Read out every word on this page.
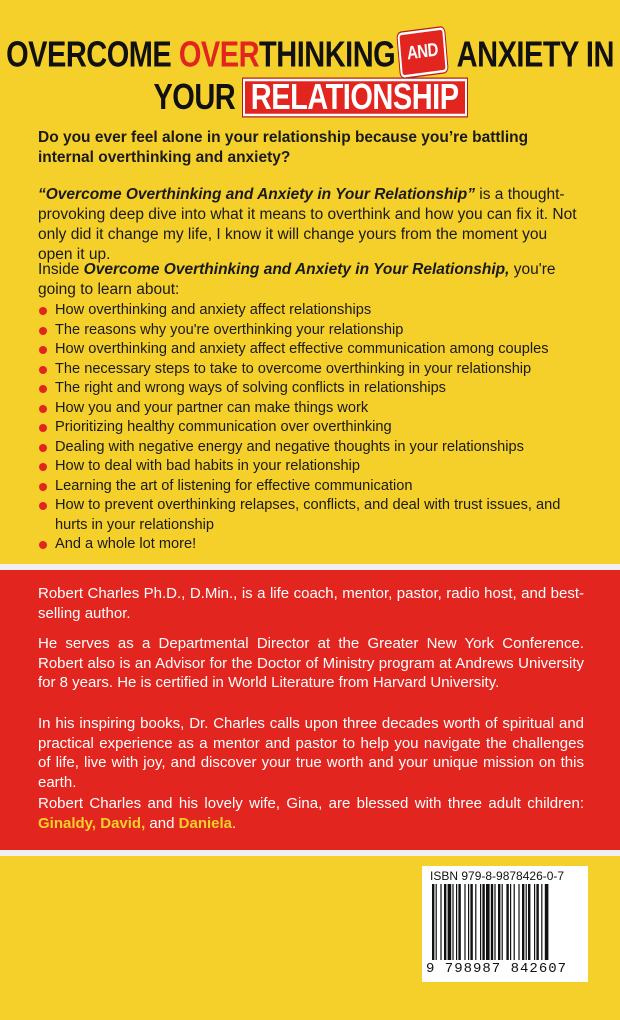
OVERCOME OVERTHINKING AND ANXIETY IN
YOUR RELATIONSHIP
Do you ever feel alone in your relationship because you’re battling internal overthinking and anxiety?
“Overcome Overthinking and Anxiety in Your Relationship” is a thought-provoking deep dive into what it means to overthink and how you can fix it. Not only did it change my life, I know it will change yours from the moment you open it up.
Inside Overcome Overthinking and Anxiety in Your Relationship, you're going to learn about:
How overthinking and anxiety affect relationships
The reasons why you're overthinking your relationship
How overthinking and anxiety affect effective communication among couples
The necessary steps to take to overcome overthinking in your relationship
The right and wrong ways of solving conflicts in relationships
How you and your partner can make things work
Prioritizing healthy communication over overthinking
Dealing with negative energy and negative thoughts in your relationships
How to deal with bad habits in your relationship
Learning the art of listening for effective communication
How to prevent overthinking relapses, conflicts, and deal with trust issues, and hurts in your relationship
And a whole lot more!
Robert Charles Ph.D., D.Min., is a life coach, mentor, pastor, radio host, and best-selling author.
He serves as a Departmental Director at the Greater New York Conference. Robert also is an Advisor for the Doctor of Ministry program at Andrews University for 8 years. He is certified in World Literature from Harvard University.
In his inspiring books, Dr. Charles calls upon three decades worth of spiritual and practical experience as a mentor and pastor to help you navigate the challenges of life, live with joy, and discover your true worth and your unique mission on this earth.
Robert Charles and his lovely wife, Gina, are blessed with three adult children: Ginaldy, David, and Daniela.
ISBN 979-8-9878426-0-7
9 798987 842607
